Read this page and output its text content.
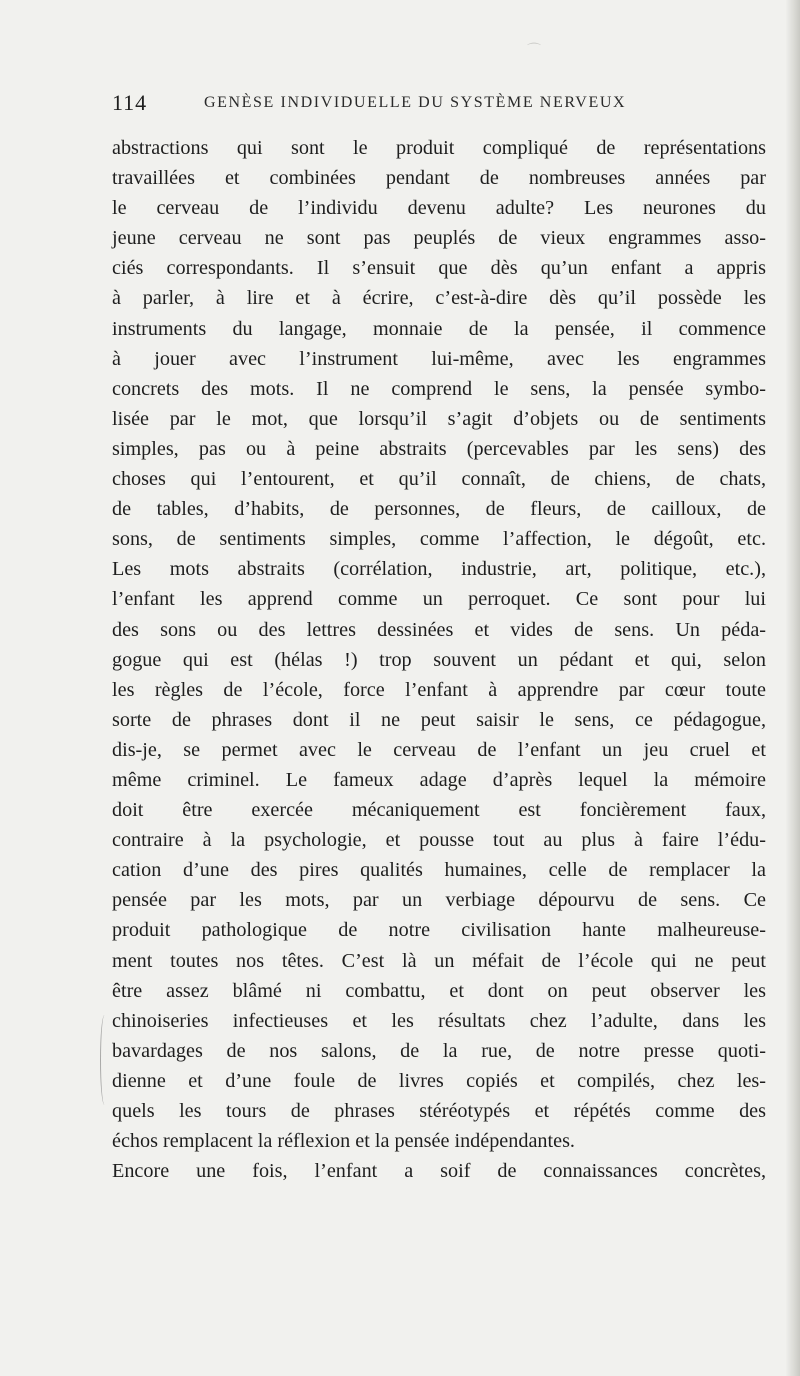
⌒
114	GENÈSE INDIVIDUELLE DU SYSTÈME NERVEUX
abstractions qui sont le produit compliqué de représentations
travaillées et combinées pendant de nombreuses années par
le cerveau de l’individu devenu adulte? Les neurones du
jeune cerveau ne sont pas peuplés de vieux engrammes asso-
ciés correspondants. Il s’ensuit que dès qu’un enfant a appris
à parler, à lire et à écrire, c’est-à-dire dès qu’il possède les
instruments du langage, monnaie de la pensée, il commence
à jouer avec l’instrument lui-même, avec les engrammes
concrets des mots. Il ne comprend le sens, la pensée symbo-
lisée par le mot, que lorsqu’il s’agit d’objets ou de sentiments
simples, pas ou à peine abstraits (percevables par les sens) des
choses qui l’entourent, et qu’il connaît, de chiens, de chats,
de tables, d’habits, de personnes, de fleurs, de cailloux, de
sons, de sentiments simples, comme l’affection, le dégoût, etc.
Les mots abstraits (corrélation, industrie, art, politique, etc.),
l’enfant les apprend comme un perroquet. Ce sont pour lui
des sons ou des lettres dessinées et vides de sens. Un péda-
gogue qui est (hélas !) trop souvent un pédant et qui, selon
les règles de l’école, force l’enfant à apprendre par cœur toute
sorte de phrases dont il ne peut saisir le sens, ce pédagogue,
dis-je, se permet avec le cerveau de l’enfant un jeu cruel et
même criminel. Le fameux adage d’après lequel la mémoire
doit être exercée mécaniquement est foncièrement faux,
contraire à la psychologie, et pousse tout au plus à faire l’édu-
cation d’une des pires qualités humaines, celle de remplacer la
pensée par les mots, par un verbiage dépourvu de sens. Ce
produit pathologique de notre civilisation hante malheureuse-
ment toutes nos têtes. C’est là un méfait de l’école qui ne peut
être assez blâmé ni combattu, et dont on peut observer les
chinoiseries infectieuses et les résultats chez l’adulte, dans les
bavardages de nos salons, de la rue, de notre presse quoti-
dienne et d’une foule de livres copiés et compilés, chez les-
quels les tours de phrases stéréotypés et répétés comme des
échos remplacent la réflexion et la pensée indépendantes.
Encore une fois, l’enfant a soif de connaissances concrètes,
